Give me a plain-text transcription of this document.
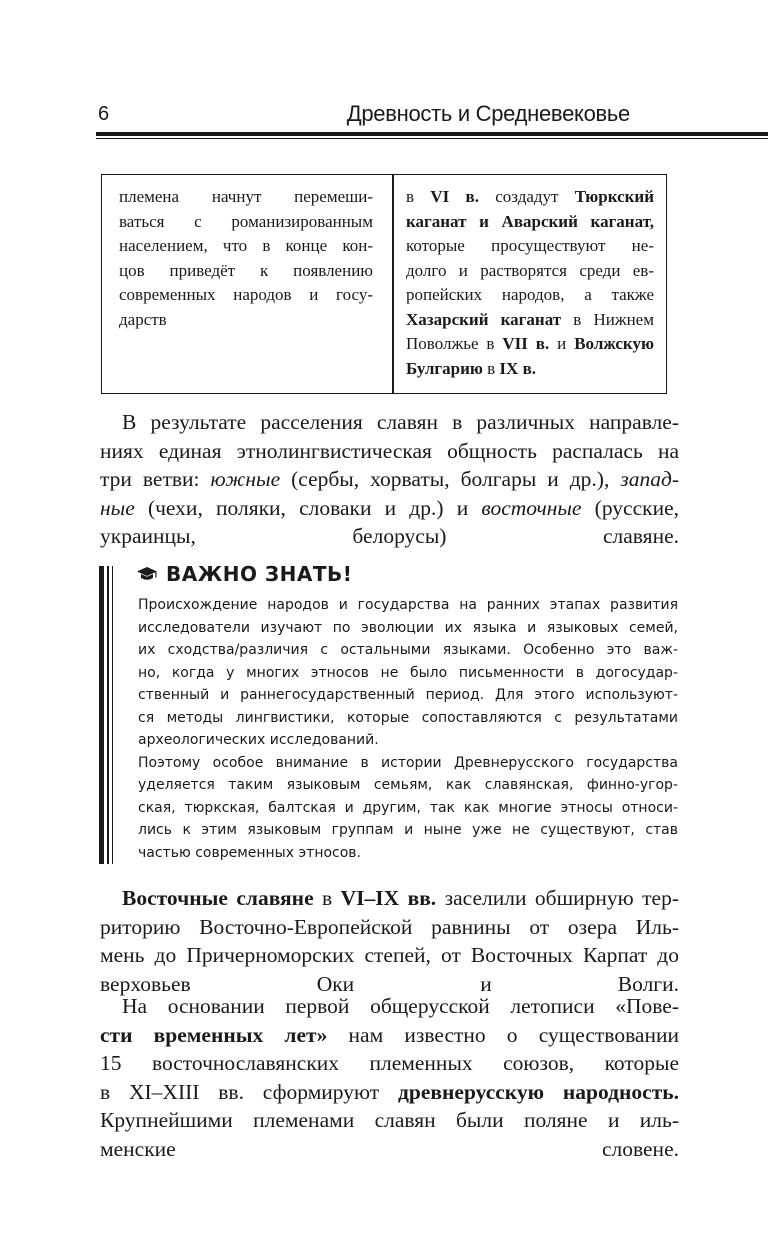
6	Древность и Средневековье
племена начнут перемеши-
ваться с романизированным
населением, что в конце кон-
цов приведёт к появлению
современных народов и госу-
дарств
в VI в. создадут Тюркский
каганат и Аварский каганат,
которые просуществуют не-
долго и растворятся среди ев-
ропейских народов, а также
Хазарский каганат в Нижнем
Поволжье в VII в. и Волжскую
Булгарию в IX в.
В результате расселения славян в различных направле-
ниях единая этнолингвистическая общность распалась на
три ветви: южные (сербы, хорваты, болгары и др.), запад-
ные (чехи, поляки, словаки и др.) и восточные (русские,
украинцы, белорусы) славяне.
ВАЖНО ЗНАТЬ!
Происхождение народов и государства на ранних этапах развития
исследователи изучают по эволюции их языка и языковых семей,
их сходства/различия с остальными языками. Особенно это важ-
но, когда у многих этносов не было письменности в догосудар-
ственный и раннегосударственный период. Для этого используют-
ся методы лингвистики, которые сопоставляются с результатами
археологических исследований.
Поэтому особое внимание в истории Древнерусского государства
уделяется таким языковым семьям, как славянская, финно-угор-
ская, тюркская, балтская и другим, так как многие этносы относи-
лись к этим языковым группам и ныне уже не существуют, став
частью современных этносов.
Восточные славяне в VI–IX вв. заселили обширную тер-
риторию Восточно-Европейской равнины от озера Иль-
мень до Причерноморских степей, от Восточных Карпат до
верховьев Оки и Волги.
На основании первой общерусской летописи «Пове-
сти временных лет» нам известно о существовании
15 восточнославянских племенных союзов, которые
в XI–XIII вв. сформируют древнерусскую народность.
Крупнейшими племенами славян были поляне и иль-
менские словене.
